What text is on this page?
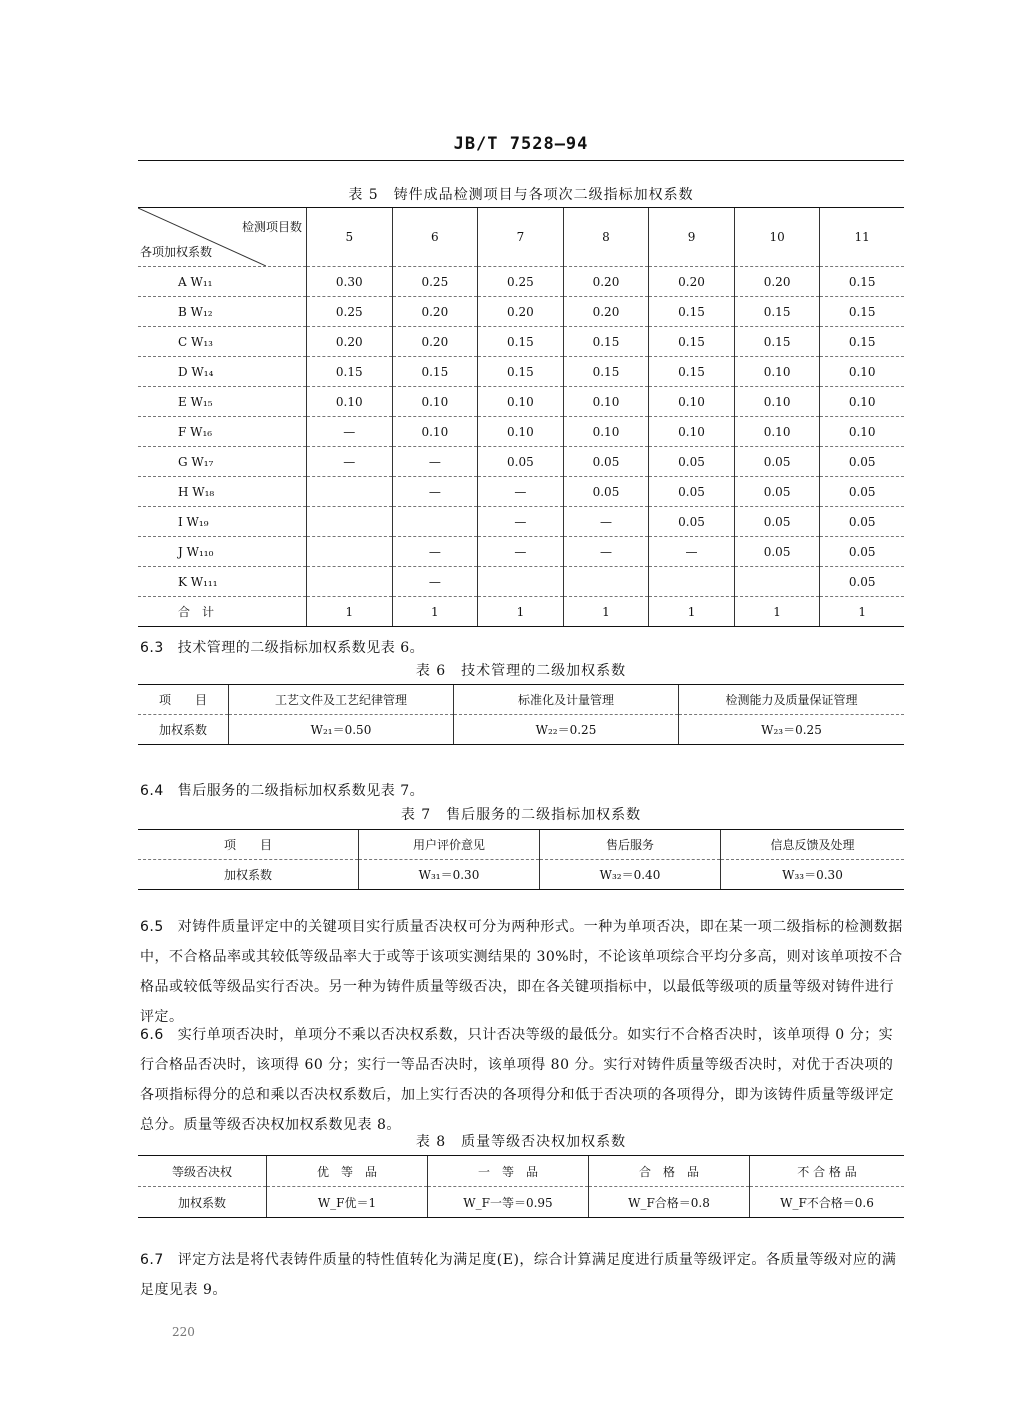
JB/T 7528—94
表 5　铸件成品检测项目与各项次二级指标加权系数
检测项目数
各项加权系数	5	6	7	8	9	10	11
A W₁₁	0.30	0.25	0.25	0.20	0.20	0.20	0.15
B W₁₂	0.25	0.20	0.20	0.20	0.15	0.15	0.15
C W₁₃	0.20	0.20	0.15	0.15	0.15	0.15	0.15
D W₁₄	0.15	0.15	0.15	0.15	0.15	0.10	0.10
E W₁₅	0.10	0.10	0.10	0.10	0.10	0.10	0.10
F W₁₆	—	0.10	0.10	0.10	0.10	0.10	0.10
G W₁₇	—	—	0.05	0.05	0.05	0.05	0.05
H W₁₈		—	—	0.05	0.05	0.05	0.05
I W₁₉			—	—	0.05	0.05	0.05
J W₁₁₀		—	—	—	—	0.05	0.05
K W₁₁₁		—					0.05
合　计	1	1	1	1	1	1	1
6.3 技术管理的二级指标加权系数见表 6。
表 6　技术管理的二级加权系数
项　　目	工艺文件及工艺纪律管理	标准化及计量管理	检测能力及质量保证管理
加权系数	W₂₁＝0.50	W₂₂＝0.25	W₂₃＝0.25
6.4 售后服务的二级指标加权系数见表 7。
表 7　售后服务的二级指标加权系数
项　　目	用户评价意见	售后服务	信息反馈及处理
加权系数	W₃₁＝0.30	W₃₂＝0.40	W₃₃＝0.30
6.5 对铸件质量评定中的关键项目实行质量否决权可分为两种形式。一种为单项否决，即在某一项二级指标的检测数据中，不合格品率或其较低等级品率大于或等于该项实测结果的 30%时，不论该单项综合平均分多高，则对该单项按不合格品或较低等级品实行否决。另一种为铸件质量等级否决，即在各关键项指标中，以最低等级项的质量等级对铸件进行评定。
6.6 实行单项否决时，单项分不乘以否决权系数，只计否决等级的最低分。如实行不合格否决时，该单项得 0 分；实行合格品否决时，该项得 60 分；实行一等品否决时，该单项得 80 分。实行对铸件质量等级否决时，对优于否决项的各项指标得分的总和乘以否决权系数后，加上实行否决的各项得分和低于否决项的各项得分，即为该铸件质量等级评定总分。质量等级否决权加权系数见表 8。
表 8　质量等级否决权加权系数
等级否决权	优　等　品	一　等　品	合　格　品	不 合 格 品
加权系数	W_F优＝1	W_F一等＝0.95	W_F合格＝0.8	W_F不合格＝0.6
6.7 评定方法是将代表铸件质量的特性值转化为满足度(E)，综合计算满足度进行质量等级评定。各质量等级对应的满足度见表 9。
220
